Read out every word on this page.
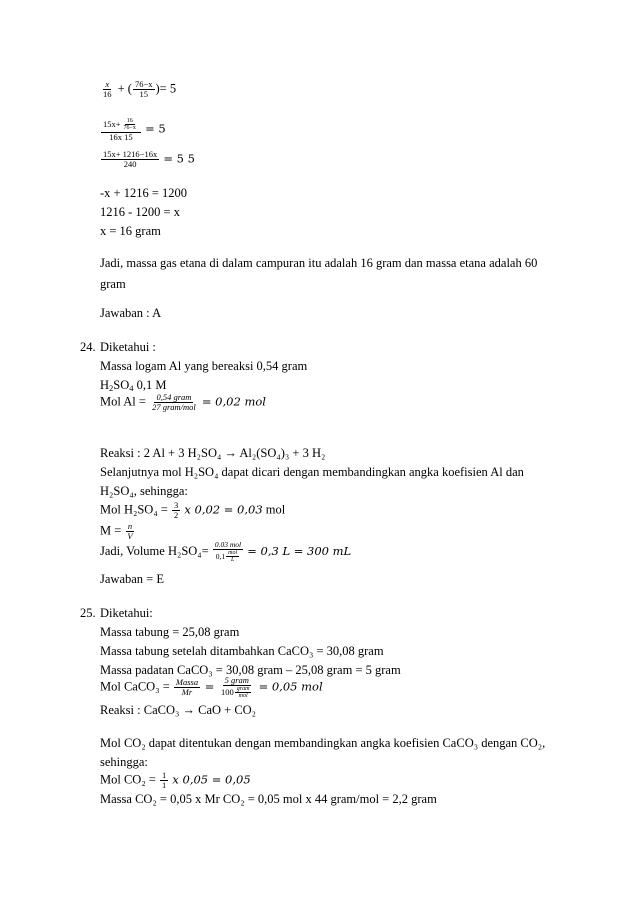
$\frac{x}{16}$ + ( $\frac{76-x}{15}$ )= 5
$\frac{15x+ \frac{16}{76-x}}{16x 15} = 5$
$\frac{15x+ 1216-16x}{240} = 5$ 5
-x + 1216 = 1200
1216 - 1200 = x
x = 16 gram
Jadi, massa gas etana di dalam campuran itu adalah 16 gram dan massa etana adalah 60
gram
Jawaban : A
24. Diketahui :
Massa logam Al yang bereaksi 0,54 gram
$H_2SO_4$ 0,1 M
Mol Al = 0,54 gram
27 gram/mol = 0,02 mol
Reaksi : 2 Al + 3 H₂SO₄ → Al₂(SO₄)₃ + 3 H₂
Selanjutnya mol H₂SO₄ dapat dicari dengan membandingkan angka koefisien Al dan
H₂SO₄, sehingga:
Mol $H_2SO_4 = \frac{3}{2}$ x 0,02 = 0,03 mol
$M = \frac{n}{V}$
Jadi, Volume H₂SO₄= 0.03 mol
0,1 mol
L
= 0,3 L = 300 mL
Jawaban = E
25. Diketahui:
Massa tabung = 25,08 gram
Massa tabung setelah ditambahkan CaCO₃ = 30,08 gram
Massa padatan CaCO₃ = 30,08 gram – 25,08 gram = 5 gram
Mol CaCO₃ = Massa
Mr = 5 gram
100 gram
mol
= 0,05 mol
Reaksi : CaCO₃ → CaO + CO₂
Mol CO₂ dapat ditentukan dengan membandingkan angka koefisien CaCO₃ dengan CO₂,
sehingga:
Mol $CO_2 = \frac{1}{1}$ x 0,05 = 0,05
Massa CO₂ = 0,05 x Mr CO₂ = 0,05 mol x 44 gram/mol = 2,2 gram
